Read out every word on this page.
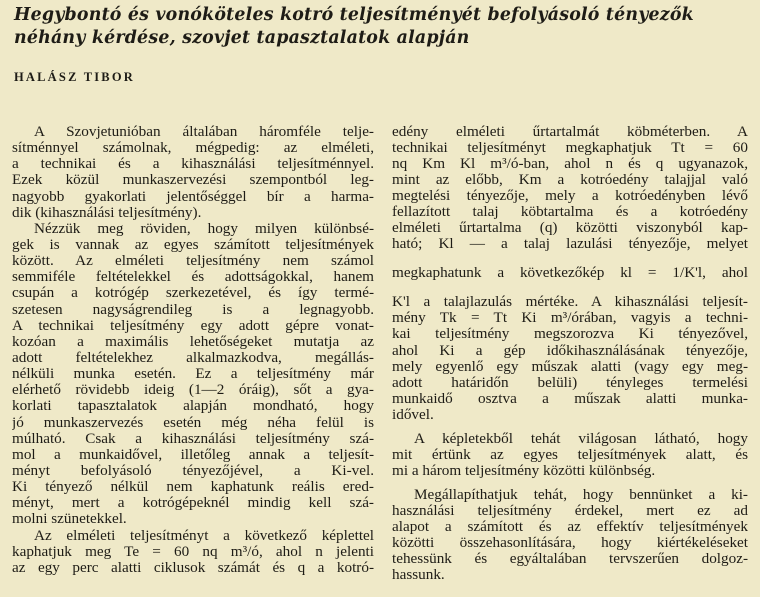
Hegybontó és vonóköteles kotró teljesítményét befolyásoló tényezők
néhány kérdése, szovjet tapasztalatok alapján
HALÁSZ TIBOR

A Szovjetunióban általában háromféle telje-
sítménnyel számolnak, mégpedig: az elméleti,
a technikai és a kihasználási teljesítménnyel.
Ezek közül munkaszervezési szempontból leg-
nagyobb gyakorlati jelentőséggel bír a harma-
dik (kihasználási teljesítmény).

Nézzük meg röviden, hogy milyen különbsé-
gek is vannak az egyes számított teljesítmények
között. Az elméleti teljesítmény nem számol
semmiféle feltételekkel és adottságokkal, hanem
csupán a kotrógép szerkezetével, és így termé-
szetesen nagyságrendileg is a legnagyobb.
A technikai teljesítmény egy adott gépre vonat-
kozóan a maximális lehetőségeket mutatja az
adott feltételekhez alkalmazkodva, megállás-
nélküli munka esetén. Ez a teljesítmény már
elérhető rövidebb ideig (1—2 óráig), sőt a gya-
korlati tapasztalatok alapján mondható, hogy
jó munkaszervezés esetén még néha felül is
múlható. Csak a kihasználási teljesítmény szá-
mol a munkaidővel, illetőleg annak a teljesít-
ményt befolyásoló tényezőjével, a Ki-vel.
Ki tényező nélkül nem kaphatunk reális ered-
ményt, mert a kotrógépeknél mindig kell szá-
molni szünetekkel.

Az elméleti teljesítményt a következő képlettel
kaphatjuk meg Te = 60 nq m³/ó, ahol n jelenti
az egy perc alatti ciklusok számát és q a kotró-

edény elméleti űrtartalmát köbméterben. A
technikai teljesítményt megkaphatjuk Tt = 60
nq Km Kl m³/ó-ban, ahol n és q ugyanazok,
mint az előbb, Km a kotróedény talajjal való
megtelési tényezője, mely a kotróedényben lévő
fellazított talaj köbtartalma és a kotróedény
elméleti űrtartalma (q) közötti viszonyból kap-
ható; Kl — a talaj lazulási tényezője, melyet
megkaphatunk a következőkép kl = 1/K'l, ahol
K'l a talajlazulás mértéke. A kihasználási teljesít-
mény Tk = Tt Ki m³/órában, vagyis a techni-
kai teljesítmény megszorozva Ki tényezővel,
ahol Ki a gép időkihasználásának tényezője,
mely egyenlő egy műszak alatti (vagy egy meg-
adott határidőn belüli) tényleges termelési
munkaidő osztva a műszak alatti munka-
idővel.

A képletekből tehát világosan látható, hogy
mit értünk az egyes teljesítmények alatt, és
mi a három teljesítmény közötti különbség.

Megállapíthatjuk tehát, hogy bennünket a ki-
használási teljesítmény érdekel, mert ez ad
alapot a számított és az effektív teljesítmények
közötti összehasonlítására, hogy kiértékeléseket
tehessünk és egyáltalában tervszerűen dolgoz-
hassunk.
